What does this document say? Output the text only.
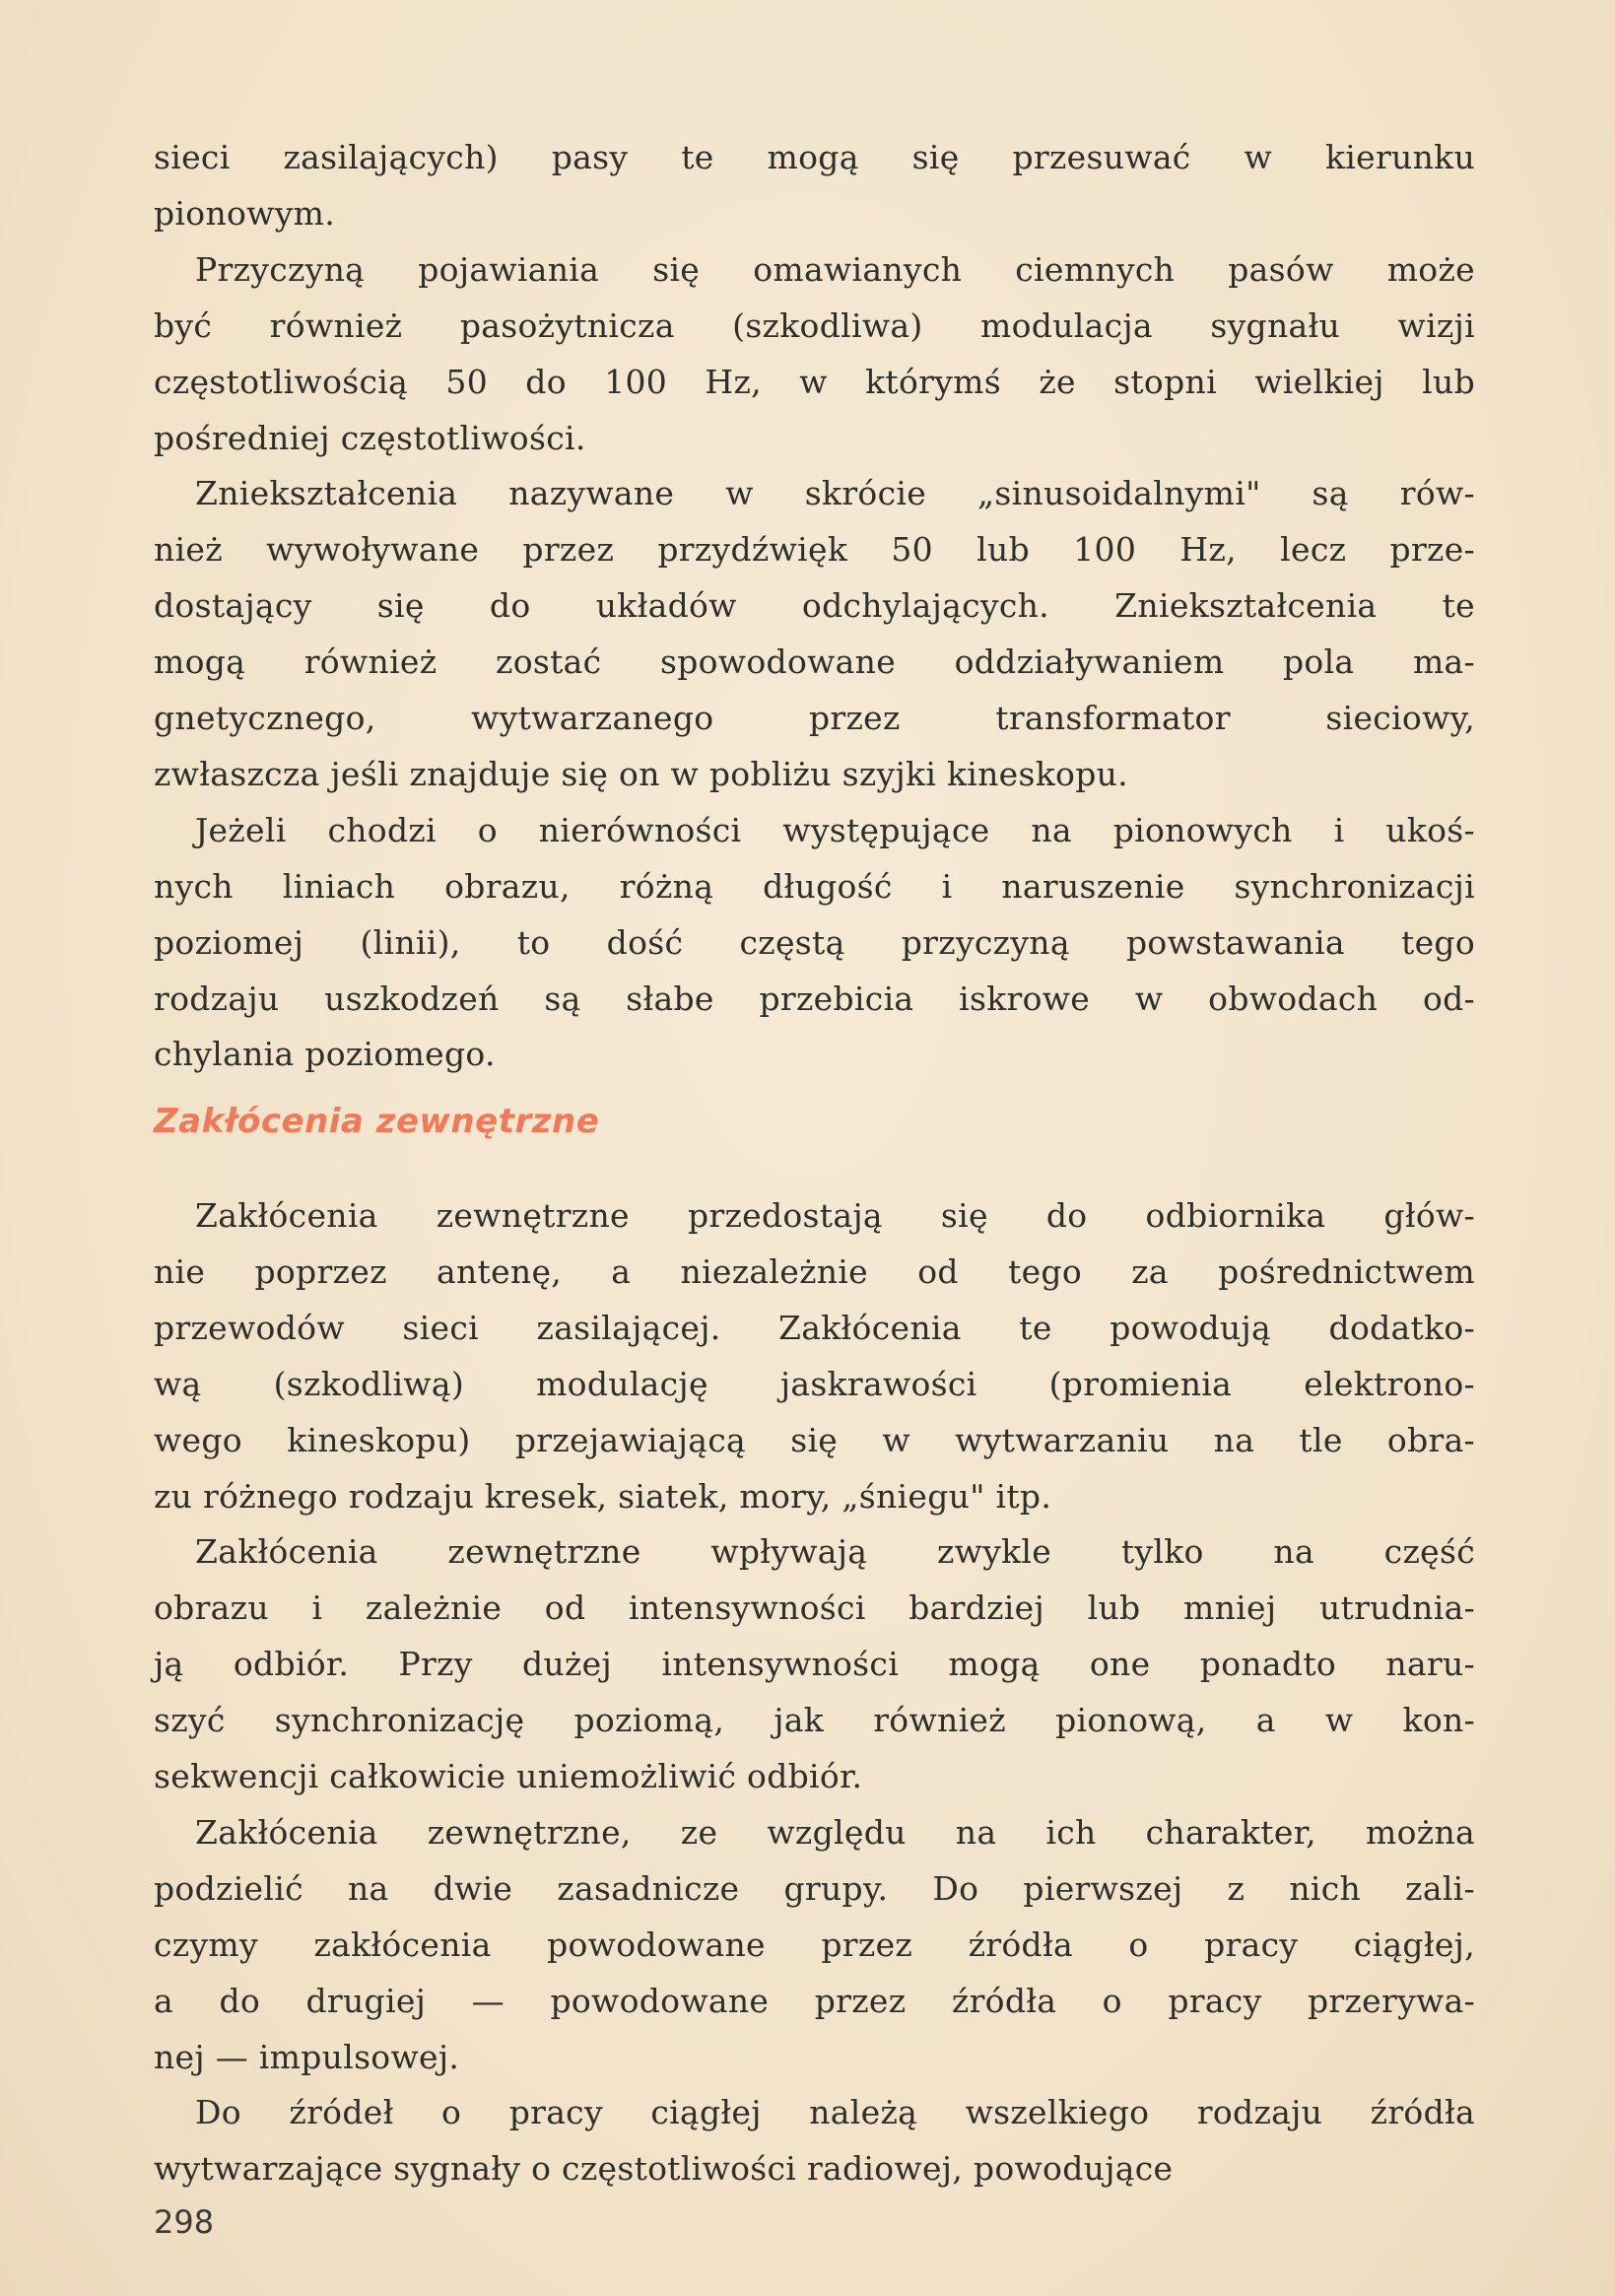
sieci zasilających) pasy te mogą się przesuwać w kierunku
pionowym.
Przyczyną pojawiania się omawianych ciemnych pasów może
być również pasożytnicza (szkodliwa) modulacja sygnału wizji
częstotliwością 50 do 100 Hz, w którymś że stopni wielkiej lub
pośredniej częstotliwości.
Zniekształcenia nazywane w skrócie „sinusoidalnymi" są rów-
nież wywoływane przez przydźwięk 50 lub 100 Hz, lecz prze-
dostający się do układów odchylających. Zniekształcenia te
mogą również zostać spowodowane oddziaływaniem pola ma-
gnetycznego, wytwarzanego przez transformator sieciowy,
zwłaszcza jeśli znajduje się on w pobliżu szyjki kineskopu.
Jeżeli chodzi o nierówności występujące na pionowych i ukoś-
nych liniach obrazu, różną długość i naruszenie synchronizacji
poziomej (linii), to dość częstą przyczyną powstawania tego
rodzaju uszkodzeń są słabe przebicia iskrowe w obwodach od-
chylania poziomego.
Zakłócenia zewnętrzne
Zakłócenia zewnętrzne przedostają się do odbiornika głów-
nie poprzez antenę, a niezależnie od tego za pośrednictwem
przewodów sieci zasilającej. Zakłócenia te powodują dodatko-
wą (szkodliwą) modulację jaskrawości (promienia elektrono-
wego kineskopu) przejawiającą się w wytwarzaniu na tle obra-
zu różnego rodzaju kresek, siatek, mory, „śniegu" itp.
Zakłócenia zewnętrzne wpływają zwykle tylko na część
obrazu i zależnie od intensywności bardziej lub mniej utrudnia-
ją odbiór. Przy dużej intensywności mogą one ponadto naru-
szyć synchronizację poziomą, jak również pionową, a w kon-
sekwencji całkowicie uniemożliwić odbiór.
Zakłócenia zewnętrzne, ze względu na ich charakter, można
podzielić na dwie zasadnicze grupy. Do pierwszej z nich zali-
czymy zakłócenia powodowane przez źródła o pracy ciągłej,
a do drugiej — powodowane przez źródła o pracy przerywa-
nej — impulsowej.
Do źródeł o pracy ciągłej należą wszelkiego rodzaju źródła
wytwarzające sygnały o częstotliwości radiowej, powodujące
298
